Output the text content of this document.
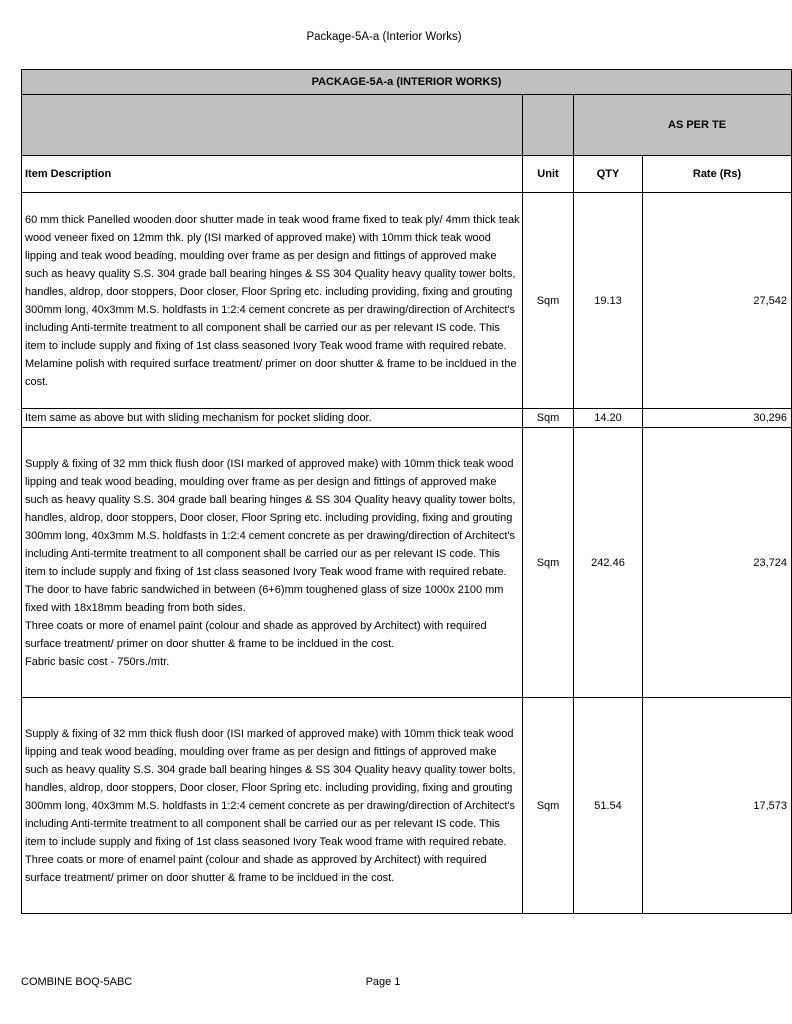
Package-5A-a (Interior Works)
PACKAGE-5A-a (INTERIOR WORKS)			
		AS PER TE	
Item Description	Unit	QTY	Rate (Rs)
60 mm thick Panelled wooden door shutter made in teak wood frame fixed to teak ply/ 4mm thick teak wood veneer fixed on 12mm thk. ply (ISI marked of approved make) with 10mm thick teak wood lipping and teak wood beading, moulding over frame as per design and fittings of approved make such as heavy quality S.S. 304 grade ball bearing hinges & SS 304 Quality heavy quality tower bolts, handles, aldrop, door stoppers, Door closer, Floor Spring etc. including providing, fixing and grouting 300mm long, 40x3mm M.S. holdfasts in 1:2:4 cement concrete as per drawing/direction of Architect's including Anti-termite treatment to all component shall be carried our as per relevant IS code. This item to include supply and fixing of 1st class seasoned Ivory Teak wood frame with required rebate. Melamine polish with required surface treatment/ primer on door shutter & frame to be incldued in the cost.	Sqm	19.13	27,542
Item same as above but with sliding mechanism for pocket sliding door.	Sqm	14.20	30,296
Supply & fixing of 32 mm thick flush door (ISI marked of approved make) with 10mm thick teak wood lipping and teak wood beading, moulding over frame as per design and fittings of approved make such as heavy quality S.S. 304 grade ball bearing hinges & SS 304 Quality heavy quality tower bolts, handles, aldrop, door stoppers, Door closer, Floor Spring etc. including providing, fixing and grouting 300mm long, 40x3mm M.S. holdfasts in 1:2:4 cement concrete as per drawing/direction of Architect's including Anti-termite treatment to all component shall be carried our as per relevant IS code. This item to include supply and fixing of 1st class seasoned Ivory Teak wood frame with required rebate. The door to have fabric sandwiched in between (6+6)mm toughened glass of size 1000x 2100 mm fixed with 18x18mm beading from both sides.
Three coats or more of enamel paint (colour and shade as approved by Architect) with required surface treatment/ primer on door shutter & frame to be incldued in the cost.
Fabric basic cost - 750rs./mtr.	Sqm	242.46	23,724
Supply & fixing of 32 mm thick flush door (ISI marked of approved make) with 10mm thick teak wood lipping and teak wood beading, moulding over frame as per design and fittings of approved make such as heavy quality S.S. 304 grade ball bearing hinges & SS 304 Quality heavy quality tower bolts, handles, aldrop, door stoppers, Door closer, Floor Spring etc. including providing, fixing and grouting 300mm long, 40x3mm M.S. holdfasts in 1:2:4 cement concrete as per drawing/direction of Architect's including Anti-termite treatment to all component shall be carried our as per relevant IS code. This item to include supply and fixing of 1st class seasoned Ivory Teak wood frame with required rebate. Three coats or more of enamel paint (colour and shade as approved by Architect) with required surface treatment/ primer on door shutter & frame to be incldued in the cost.	Sqm	51.54	17,573
COMBINE BOQ-5ABC	Page 1
